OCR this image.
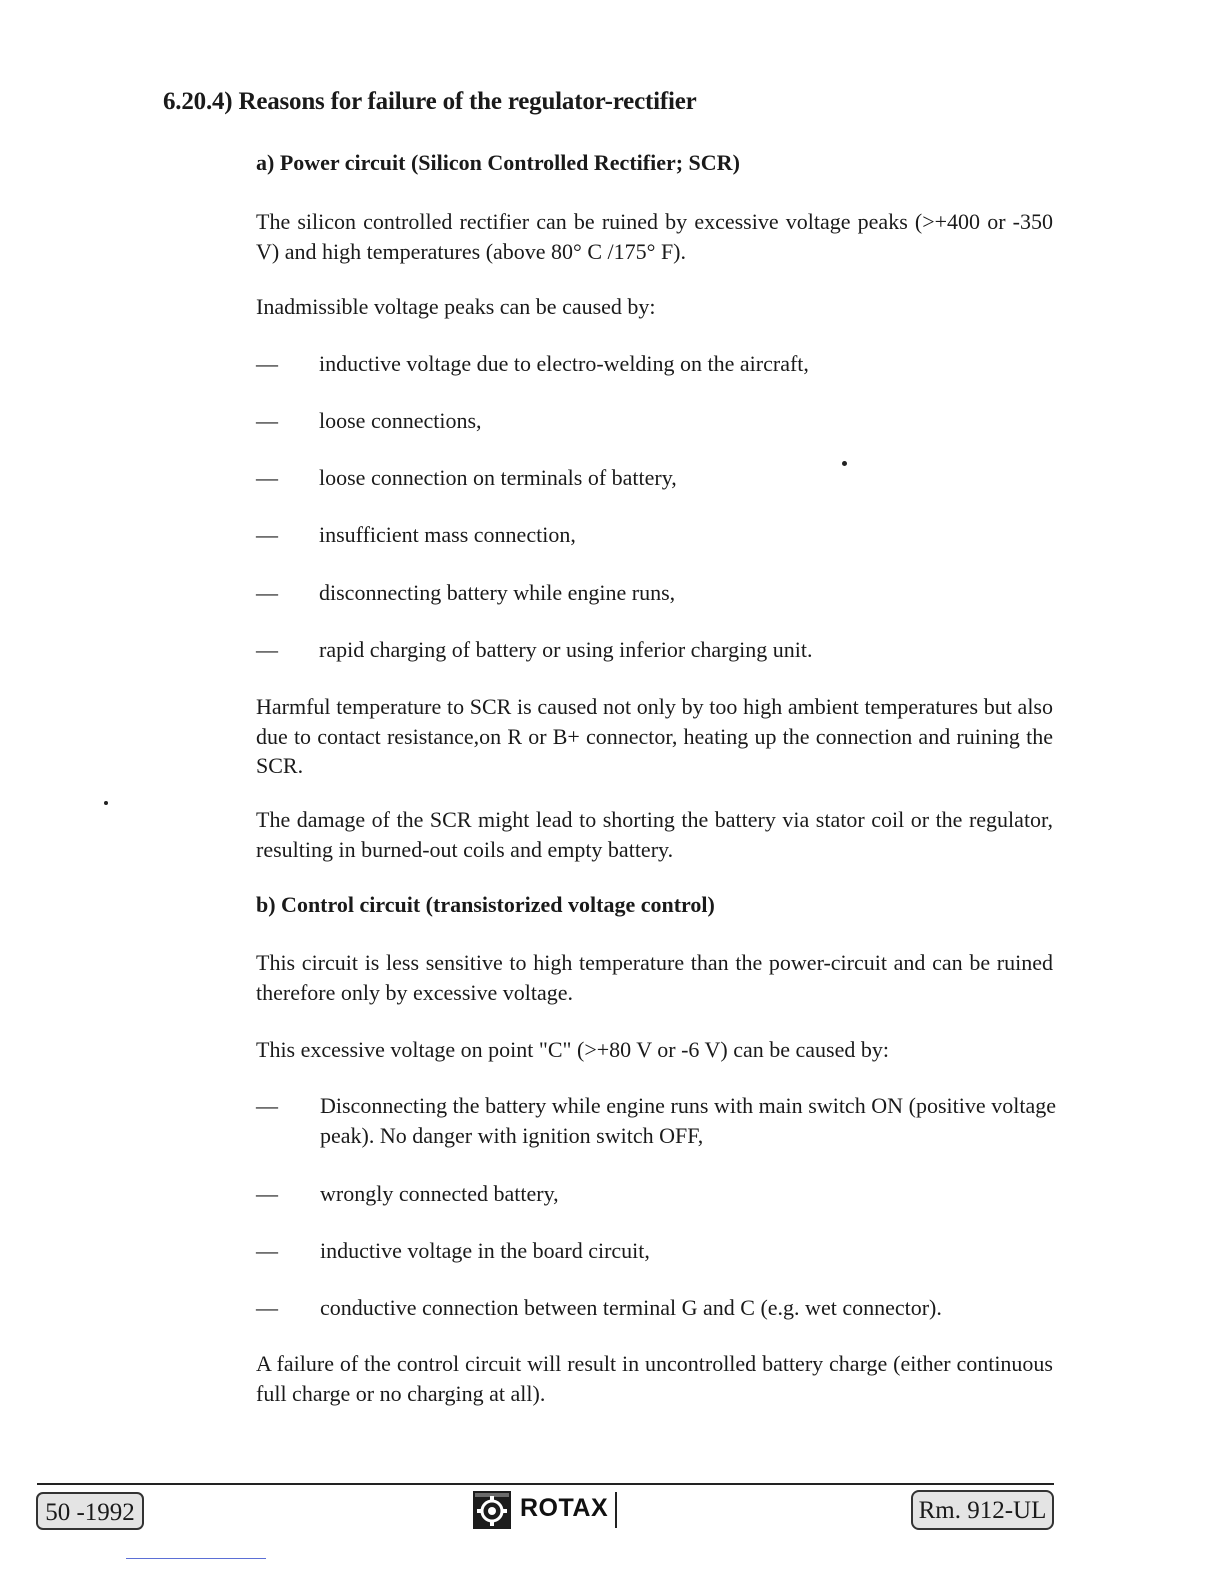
6.20.4) Reasons for failure of the regulator-rectifier
a) Power circuit (Silicon Controlled Rectifier; SCR)
The silicon controlled rectifier can be ruined by excessive voltage peaks (>+400 or -350 V) and high temperatures (above 80° C /175° F).
Inadmissible voltage peaks can be caused by:
—	inductive voltage due to electro-welding on the aircraft,
—	loose connections,
—	loose connection on terminals of battery,
—	insufficient mass connection,
—	disconnecting battery while engine runs,
—	rapid charging of battery or using inferior charging unit.
Harmful temperature to SCR is caused not only by too high ambient temperatures but also due to contact resistance,on R or B+ connector, heating up the connection and ruining the SCR.
The damage of the SCR might lead to shorting the battery via stator coil or the regulator, resulting in burned-out coils and empty battery.
b) Control circuit (transistorized voltage control)
This circuit is less sensitive to high temperature than the power-circuit and can be ruined therefore only by excessive voltage.
This excessive voltage on point "C" (>+80 V or -6 V) can be caused by:
—	Disconnecting the battery while engine runs with main switch ON (positive voltage peak). No danger with ignition switch OFF,
—	wrongly connected battery,
—	inductive voltage in the board circuit,
—	conductive connection between terminal G and C (e.g. wet connector).
A failure of the control circuit will result in uncontrolled battery charge (either continuous full charge or no charging at all).
50 -1992	ROTAX	Rm. 912-UL
